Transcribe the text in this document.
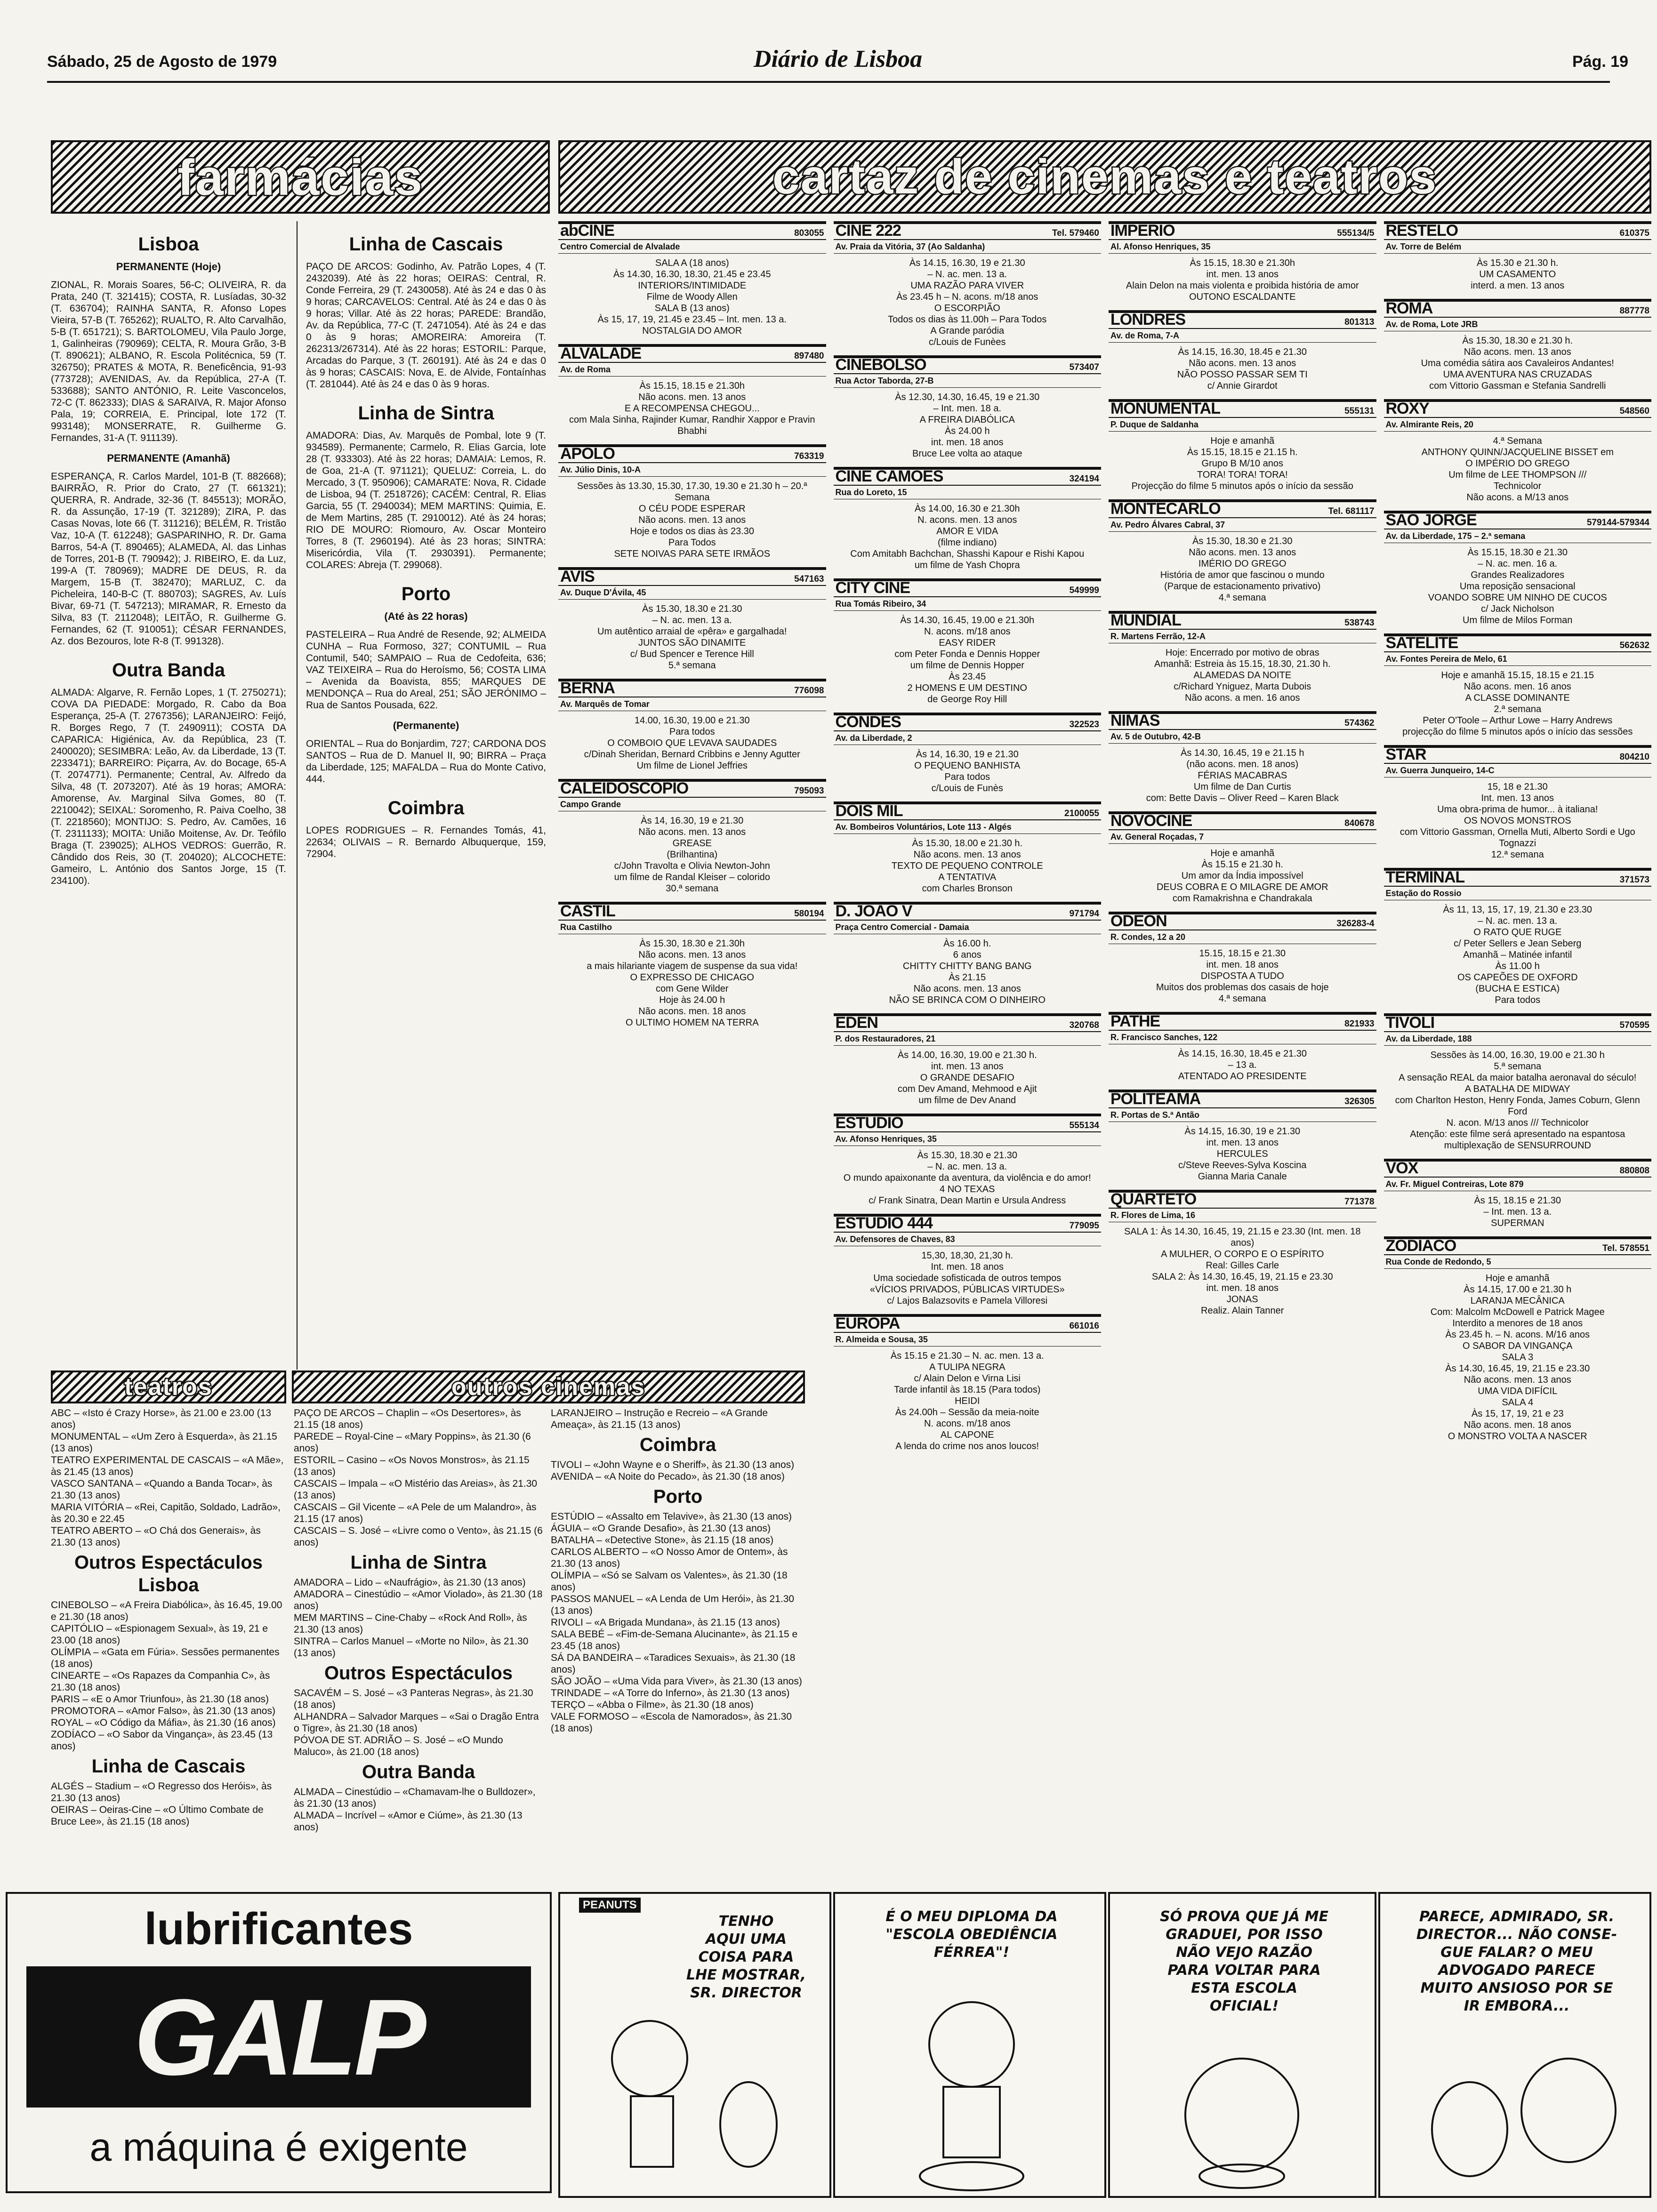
Sábado, 25 de Agosto de 1979	Diário de Lisboa	Pág. 19
farmácias	cartaz de cinemas e teatros
Lisboa
PERMANENTE (Hoje)

ZIONAL, R. Morais Soares, 56-C; OLIVEIRA, R. da Prata, 240 (T. 321415); COSTA, R. Lusíadas, 30-32 (T. 636704); RAINHA SANTA, R. Afonso Lopes Vieira, 57-B (T. 765262); RUALTO, R. Alto Carvalhão, 5-B (T. 651721); S. BARTOLOMEU, Vila Paulo Jorge, 1, Galinheiras (790969); CELTA, R. Moura Grão, 3-B (T. 890621); ALBANO, R. Escola Politécnica, 59 (T. 326750); PRATES & MOTA, R. Beneficência, 91-93 (773728); AVENIDAS, Av. da República, 27-A (T. 533688); SANTO ANTÓNIO, R. Leite Vasconcelos, 72-C (T. 862333); DIAS & SARAIVA, R. Major Afonso Pala, 19; CORREIA, E. Principal, lote 172 (T. 993148); MONSERRATE, R. Guilherme G. Fernandes, 31-A (T. 911139).

PERMANENTE (Amanhã)

ESPERANÇA, R. Carlos Mardel, 101-B (T. 882668); BAIRRÃO, R. Prior do Crato, 27 (T. 661321); QUERRA, R. Andrade, 32-36 (T. 845513); MORÃO, R. da Assunção, 17-19 (T. 321289); ZIRA, P. das Casas Novas, lote 66 (T. 311216); BELÉM, R. Tristão Vaz, 10-A (T. 612248); GASPARINHO, R. Dr. Gama Barros, 54-A (T. 890465); ALAMEDA, Al. das Linhas de Torres, 201-B (T. 790942); J. RIBEIRO, E. da Luz, 199-A (T. 780969); MADRE DE DEUS, R. da Margem, 15-B (T. 382470); MARLUZ, C. da Picheleira, 140-B-C (T. 880703); SAGRES, Av. Luís Bivar, 69-71 (T. 547213); MIRAMAR, R. Ernesto da Silva, 83 (T. 2112048); LEITÃO, R. Guilherme G. Fernandes, 62 (T. 910051); CÉSAR FERNANDES, Az. dos Bezouros, lote R-8 (T. 991328).

Outra Banda

ALMADA: Algarve, R. Fernão Lopes, 1 (T. 2750271); COVA DA PIEDADE: Morgado, R. Cabo da Boa Esperança, 25-A (T. 2767356); LARANJEIRO: Feijó, R. Borges Rego, 7 (T. 2490911); COSTA DA CAPARICA: Higiénica, Av. da República, 23 (T. 2400020); SESIMBRA: Leão, Av. da Liberdade, 13 (T. 2233471); BARREIRO: Piçarra, Av. do Bocage, 65-A (T. 2074771). Permanente; Central, Av. Alfredo da Silva, 48 (T. 2073207). Até às 19 horas; AMORA: Amorense, Av. Marginal Silva Gomes, 80 (T. 2210042); SEIXAL: Soromenho, R. Paiva Coelho, 38 (T. 2218560); MONTIJO: S. Pedro, Av. Camões, 16 (T. 2311133); MOITA: União Moitense, Av. Dr. Teófilo Braga (T. 239025); ALHOS VEDROS: Guerrão, R. Cândido dos Reis, 30 (T. 204020); ALCOCHETE: Gameiro, L. António dos Santos Jorge, 15 (T. 234100).

Linha de Cascais

PAÇO DE ARCOS: Godinho, Av. Patrão Lopes, 4 (T. 2432039). Até às 22 horas; OEIRAS: Central, R. Conde Ferreira, 29 (T. 2430058). Até às 24 e das 0 às 9 horas; CARCAVELOS: Central. Até às 24 e das 0 às 9 horas; Villar. Até às 22 horas; PAREDE: Brandão, Av. da República, 77-C (T. 2471054). Até às 24 e das 0 às 9 horas; AMOREIRA: Amoreira (T. 262313/267314). Até às 22 horas; ESTORIL: Parque, Arcadas do Parque, 3 (T. 260191). Até às 24 e das 0 às 9 horas; CASCAIS: Nova, E. de Alvide, Fontaínhas (T. 281044). Até às 24 e das 0 às 9 horas.

Linha de Sintra

AMADORA: Dias, Av. Marquês de Pombal, lote 9 (T. 934589). Permanente; Carmelo, R. Elias Garcia, lote 28 (T. 933303). Até às 22 horas; DAMAIA: Lemos, R. de Goa, 21-A (T. 971121); QUELUZ: Correia, L. do Mercado, 3 (T. 950906); CAMARATE: Nova, R. Cidade de Lisboa, 94 (T. 2518726); CACÉM: Central, R. Elias Garcia, 55 (T. 2940034); MEM MARTINS: Quimia, E. de Mem Martins, 285 (T. 2910012). Até às 24 horas; RIO DE MOURO: Riomouro, Av. Oscar Monteiro Torres, 8 (T. 2960194). Até às 23 horas; SINTRA: Misericórdia, Vila (T. 2930391). Permanente; COLARES: Abreja (T. 299068).

Porto
(Até às 22 horas)

PASTELEIRA – Rua André de Resende, 92; ALMEIDA CUNHA – Rua Formoso, 327; CONTUMIL – Rua Contumil, 540; SAMPAIO – Rua de Cedofeita, 636; VAZ TEIXEIRA – Rua do Heroísmo, 56; COSTA LIMA – Avenida da Boavista, 855; MARQUES DE MENDONÇA – Rua do Areal, 251; SÃO JERÓNIMO – Rua de Santos Pousada, 622.

(Permanente)

ORIENTAL – Rua do Bonjardim, 727; CARDONA DOS SANTOS – Rua de D. Manuel II, 90; BIRRA – Praça da Liberdade, 125; MAFALDA – Rua do Monte Cativo, 444.

Coimbra

LOPES RODRIGUES – R. Fernandes Tomás, 41, 22634; OLIVAIS – R. Bernardo Albuquerque, 159, 72904.

abCINE	803055
Centro Comercial de Alvalade
SALA A (18 anos)
Às 14.30, 16.30, 18.30, 21.45 e 23.45
INTERIORS/INTIMIDADE
Filme de Woody Allen
SALA B (13 anos)
Às 15, 17, 19, 21.45 e 23.45 – Int. men. 13 a.
NOSTALGIA DO AMOR
ALVALADE	897480
Av. de Roma
Às 15.15, 18.15 e 21.30h
Não acons. men. 13 anos
E A RECOMPENSA CHEGOU...
com Mala Sinha, Rajinder Kumar, Randhir Xappor e Pravin Bhabhi
APOLO	763319
Av. Júlio Dinis, 10-A
Sessões às 13.30, 15.30, 17.30, 19.30 e 21.30 h – 20.ª Semana
O CÉU PODE ESPERAR
Não acons. men. 13 anos
Hoje e todos os dias às 23.30
Para Todos
SETE NOIVAS PARA SETE IRMÃOS
AVIS	547163
Av. Duque D'Ávila, 45
Às 15.30, 18.30 e 21.30
– N. ac. men. 13 a.
Um autêntico arraial de «pêra» e gargalhada!
JUNTOS SÃO DINAMITE
c/ Bud Spencer e Terence Hill
5.ª semana
BERNA	776098
Av. Marquês de Tomar
14.00, 16.30, 19.00 e 21.30
Para todos
O COMBOIO QUE LEVAVA SAUDADES
c/Dinah Sheridan, Bernard Cribbins e Jenny Agutter
Um filme de Lionel Jeffries
CALEIDOSCÓPIO	795093
Campo Grande
Às 14, 16.30, 19 e 21.30
Não acons. men. 13 anos
GREASE
(Brilhantina)
c/John Travolta e Olivia Newton-John
um filme de Randal Kleiser – colorido
30.ª semana
CASTIL	580194
Rua Castilho
Às 15.30, 18.30 e 21.30h
Não acons. men. 13 anos
a mais hilariante viagem de suspense da sua vida!
O EXPRESSO DE CHICAGO
com Gene Wilder
Hoje às 24.00 h
Não acons. men. 18 anos
O ULTIMO HOMEM NA TERRA
CINE 222	Tel. 579460
Av. Praia da Vitória, 37 (Ao Saldanha)
Às 14.15, 16.30, 19 e 21.30
– N. ac. men. 13 a.
UMA RAZÃO PARA VIVER
Às 23.45 h – N. acons. m/18 anos
O ESCORPIÃO
Todos os dias às 11.00h – Para Todos
A Grande paródia
c/Louis de Funèes
CINEBOLSO	573407
Rua Actor Taborda, 27-B
Às 12.30, 14.30, 16.45, 19 e 21.30
– Int. men. 18 a.
A FREIRA DIABÓLICA
Às 24.00 h
int. men. 18 anos
Bruce Lee volta ao ataque
CINE CAMÕES	324194
Rua do Loreto, 15
Às 14.00, 16.30 e 21.30h
N. acons. men. 13 anos
AMOR E VIDA
(filme indiano)
Com Amitabh Bachchan, Shasshi Kapour e Rishi Kapou
um filme de Yash Chopra
CITY CINE	549999
Rua Tomás Ribeiro, 34
Às 14.30, 16.45, 19.00 e 21.30h
N. acons. m/18 anos
EASY RIDER
com Peter Fonda e Dennis Hopper
um filme de Dennis Hopper
Às 23.45
2 HOMENS E UM DESTINO
de George Roy Hill
CONDES	322523
Av. da Liberdade, 2
Às 14, 16.30, 19 e 21.30
O PEQUENO BANHISTA
Para todos
c/Louis de Funès
DOIS MIL	2100055
Av. Bombeiros Voluntários, Lote 113 - Algés
Às 15.30, 18.00 e 21.30 h.
Não acons. men. 13 anos
TEXTO DE PEQUENO CONTROLE
A TENTATIVA
com Charles Bronson
D. JOÃO V	971794
Praça Centro Comercial - Damaia
Às 16.00 h.
6 anos
CHITTY CHITTY BANG BANG
Às 21.15
Não acons. men. 13 anos
NÃO SE BRINCA COM O DINHEIRO
EDEN	320768
P. dos Restauradores, 21
Às 14.00, 16.30, 19.00 e 21.30 h.
int. men. 13 anos
O GRANDE DESAFIO
com Dev Amand, Mehmood e Ajit
um filme de Dev Anand
ESTÚDIO	555134
Av. Afonso Henriques, 35
Às 15.30, 18.30 e 21.30
– N. ac. men. 13 a.
O mundo apaixonante da aventura, da violência e do amor!
4 NO TEXAS
c/ Frank Sinatra, Dean Martin e Ursula Andress
ESTÚDIO 444	779095
Av. Defensores de Chaves, 83
15,30, 18,30, 21,30 h.
Int. men. 18 anos
Uma sociedade sofisticada de outros tempos
«VÍCIOS PRIVADOS, PÚBLICAS VIRTUDES»
c/ Lajos Balazsovits e Pamela Villoresi
EUROPA	661016
R. Almeida e Sousa, 35
Às 15.15 e 21.30 – N. ac. men. 13 a.
A TULIPA NEGRA
c/ Alain Delon e Virna Lisi
Tarde infantil às 18.15 (Para todos)
HEIDI
Às 24.00h – Sessão da meia-noite
N. acons. m/18 anos
AL CAPONE
A lenda do crime nos anos loucos!
IMPÉRIO	555134/5
Al. Afonso Henriques, 35
Às 15.15, 18.30 e 21.30h
int. men. 13 anos
Alain Delon na mais violenta e proibida história de amor
OUTONO ESCALDANTE
LONDRES	801313
Av. de Roma, 7-A
Às 14.15, 16.30, 18.45 e 21.30
Não acons. men. 13 anos
NÃO POSSO PASSAR SEM TI
c/ Annie Girardot
MONUMENTAL	555131
P. Duque de Saldanha
Hoje e amanhã
Às 15.15, 18.15 e 21.15 h.
Grupo B M/10 anos
TORA! TORA! TORA!
Projecção do filme 5 minutos após o início da sessão
MONTECARLO	Tel. 681117
Av. Pedro Álvares Cabral, 37
Às 15.30, 18.30 e 21.30
Não acons. men. 13 anos
IMÉRIO DO GREGO
História de amor que fascinou o mundo
(Parque de estacionamento privativo)
4.ª semana
MUNDIAL	538743
R. Martens Ferrão, 12-A
Hoje: Encerrado por motivo de obras
Amanhã: Estreia às 15.15, 18.30, 21.30 h.
ALAMEDAS DA NOITE
c/Richard Yniguez, Marta Dubois
Não acons. a men. 16 anos
NIMAS	574362
Av. 5 de Outubro, 42-B
Às 14.30, 16.45, 19 e 21.15 h
(não acons. men. 18 anos)
FÉRIAS MACABRAS
Um filme de Dan Curtis
com: Bette Davis – Oliver Reed – Karen Black
NOVOCINE	840678
Av. General Roçadas, 7
Hoje e amanhã
Às 15.15 e 21.30 h.
Um amor da Índia impossível
DEUS COBRA E O MILAGRE DE AMOR
com Ramakrishna e Chandrakala
ODEON	326283-4
R. Condes, 12 a 20
15.15, 18.15 e 21.30
int. men. 18 anos
DISPOSTA A TUDO
Muitos dos problemas dos casais de hoje
4.ª semana
PATHÉ	821933
R. Francisco Sanches, 122
Às 14.15, 16.30, 18.45 e 21.30
– 13 a.
ATENTADO AO PRESIDENTE
POLITEAMA	326305
R. Portas de S.ª Antão
Às 14.15, 16.30, 19 e 21.30
int. men. 13 anos
HERCULES
c/Steve Reeves-Sylva Koscina
Gianna Maria Canale
QUARTETO	771378
R. Flores de Lima, 16
SALA 1: Às 14.30, 16.45, 19, 21.15 e 23.30 (Int. men. 18 anos)
A MULHER, O CORPO E O ESPÍRITO
Real: Gilles Carle
SALA 2: Às 14.30, 16.45, 19, 21.15 e 23.30
int. men. 18 anos
JONAS
Realiz. Alain Tanner
RESTELO	610375
Av. Torre de Belém
Às 15.30 e 21.30 h.
UM CASAMENTO
interd. a men. 13 anos
ROMA	887778
Av. de Roma, Lote JRB
Às 15.30, 18.30 e 21.30 h.
Não acons. men. 13 anos
Uma comédia sátira aos Cavaleiros Andantes!
UMA AVENTURA NAS CRUZADAS
com Vittorio Gassman e Stefania Sandrelli
ROXY	548560
Av. Almirante Reis, 20
4.ª Semana
ANTHONY QUINN/JACQUELINE BISSET em
O IMPÉRIO DO GREGO
Um filme de LEE THOMPSON ///
Technicolor
Não acons. a M/13 anos
SÃO JORGE	579144-579344
Av. da Liberdade, 175 – 2.ª semana
Às 15.15, 18.30 e 21.30
– N. ac. men. 16 a.
Grandes Realizadores
Uma reposição sensacional
VOANDO SOBRE UM NINHO DE CUCOS
c/ Jack Nicholson
Um filme de Milos Forman
SATÉLITE	562632
Av. Fontes Pereira de Melo, 61
Hoje e amanhã 15.15, 18.15 e 21.15
Não acons. men. 16 anos
A CLASSE DOMINANTE
2.ª semana
Peter O'Toole – Arthur Lowe – Harry Andrews
projecção do filme 5 minutos após o início das sessões
STAR	804210
Av. Guerra Junqueiro, 14-C
15, 18 e 21.30
Int. men. 13 anos
Uma obra-prima de humor... à italiana!
OS NOVOS MONSTROS
com Vittorio Gassman, Ornella Muti, Alberto Sordi e Ugo Tognazzi
12.ª semana
TERMINAL	371573
Estação do Rossio
Às 11, 13, 15, 17, 19, 21.30 e 23.30
– N. ac. men. 13 a.
O RATO QUE RUGE
c/ Peter Sellers e Jean Seberg
Amanhã – Matinée infantil
Às 11.00 h
OS CAPEÕES DE OXFORD
(BUCHA E ESTICA)
Para todos
TIVOLI	570595
Av. da Liberdade, 188
Sessões às 14.00, 16.30, 19.00 e 21.30 h
5.ª semana
A sensação REAL da maior batalha aeronaval do século!
A BATALHA DE MIDWAY
com Charlton Heston, Henry Fonda, James Coburn, Glenn Ford
N. acon. M/13 anos /// Technicolor
Atenção: este filme será apresentado na espantosa multiplexação de SENSURROUND
VOX	880808
Av. Fr. Miguel Contreiras, Lote 879
Às 15, 18.15 e 21.30
– Int. men. 13 a.
SUPERMAN
ZODÍACO	Tel. 578551
Rua Conde de Redondo, 5
Hoje e amanhã
Às 14.15, 17.00 e 21.30 h
LARANJA MECÂNICA
Com: Malcolm McDowell e Patrick Magee
Interdito a menores de 18 anos
Às 23.45 h. – N. acons. M/16 anos
O SABOR DA VINGANÇA
SALA 3
Às 14.30, 16.45, 19, 21.15 e 23.30
Não acons. men. 13 anos
UMA VIDA DIFÍCIL
SALA 4
Às 15, 17, 19, 21 e 23
Não acons. men. 18 anos
O MONSTRO VOLTA A NASCER
teatros	outros cinemas
ABC – «Isto é Crazy Horse», às 21.00 e 23.00 (13 anos)
MONUMENTAL – «Um Zero à Esquerda», às 21.15 (13 anos)
TEATRO EXPERIMENTAL DE CASCAIS – «A Mãe», às 21.45 (13 anos)
VASCO SANTANA – «Quando a Banda Tocar», às 21.30 (13 anos)
MARIA VITÓRIA – «Rei, Capitão, Soldado, Ladrão», às 20.30 e 22.45
TEATRO ABERTO – «O Chá dos Generais», às 21.30 (13 anos)
Outros Espectáculos
Lisboa
CINEBOLSO – «A Freira Diabólica», às 16.45, 19.00 e 21.30 (18 anos)
CAPITÓLIO – «Espionagem Sexual», às 19, 21 e 23.00 (18 anos)
OLÍMPIA – «Gata em Fúria». Sessões permanentes (18 anos)
CINEARTE – «Os Rapazes da Companhia C», às 21.30 (18 anos)
PARIS – «E o Amor Triunfou», às 21.30 (18 anos)
PROMOTORA – «Amor Falso», às 21.30 (13 anos)
ROYAL – «O Código da Máfia», às 21.30 (16 anos)
ZODÍACO – «O Sabor da Vingança», às 23.45 (13 anos)
Linha de Cascais
ALGÉS – Stadium – «O Regresso dos Heróis», às 21.30 (13 anos)
OEIRAS – Oeiras-Cine – «O Último Combate de Bruce Lee», às 21.15 (18 anos)
PAÇO DE ARCOS – Chaplin – «Os Desertores», às 21.15 (18 anos)
PAREDE – Royal-Cine – «Mary Poppins», às 21.30 (6 anos)
ESTORIL – Casino – «Os Novos Monstros», às 21.15 (13 anos)
CASCAIS – Impala – «O Mistério das Areias», às 21.30 (13 anos)
CASCAIS – Gil Vicente – «A Pele de um Malandro», às 21.15 (17 anos)
CASCAIS – S. José – «Livre como o Vento», às 21.15 (6 anos)
Linha de Sintra
AMADORA – Lido – «Naufrágio», às 21.30 (13 anos)
AMADORA – Cinestúdio – «Amor Violado», às 21.30 (18 anos)
MEM MARTINS – Cine-Chaby – «Rock And Roll», às 21.30 (13 anos)
SINTRA – Carlos Manuel – «Morte no Nilo», às 21.30 (13 anos)
Outros Espectáculos
SACAVÉM – S. José – «3 Panteras Negras», às 21.30 (18 anos)
ALHANDRA – Salvador Marques – «Sai o Dragão Entra o Tigre», às 21.30 (18 anos)
PÓVOA DE ST. ADRIÃO – S. José – «O Mundo Maluco», às 21.00 (18 anos)
Outra Banda
ALMADA – Cinestúdio – «Chamavam-lhe o Bulldozer», às 21.30 (13 anos)
ALMADA – Incrível – «Amor e Ciúme», às 21.30 (13 anos)
LARANJEIRO – Instrução e Recreio – «A Grande Ameaça», às 21.15 (13 anos)
Coimbra
TIVOLI – «John Wayne e o Sheriff», às 21.30 (13 anos)
AVENIDA – «A Noite do Pecado», às 21.30 (18 anos)
Porto
ESTÚDIO – «Assalto em Telavive», às 21.30 (13 anos)
ÁGUIA – «O Grande Desafio», às 21.30 (13 anos)
BATALHA – «Detective Stone», às 21.15 (18 anos)
CARLOS ALBERTO – «O Nosso Amor de Ontem», às 21.30 (13 anos)
OLÍMPIA – «Só se Salvam os Valentes», às 21.30 (18 anos)
PASSOS MANUEL – «A Lenda de Um Herói», às 21.30 (13 anos)
RIVOLI – «A Brigada Mundana», às 21.15 (13 anos)
SALA BEBÉ – «Fim-de-Semana Alucinante», às 21.15 e 23.45 (18 anos)
SÁ DA BANDEIRA – «Taradices Sexuais», às 21.30 (18 anos)
SÃO JOÃO – «Uma Vida para Viver», às 21.30 (13 anos)
TRINDADE – «A Torre do Inferno», às 21.30 (13 anos)
TERÇO – «Abba o Filme», às 21.30 (18 anos)
VALE FORMOSO – «Escola de Namorados», às 21.30 (18 anos)
lubrificantes
GALP
a máquina é exigente
PEANUTS
TENHO
AQUI UMA
COISA PARA
LHE MOSTRAR,
SR. DIRECTOR
É O MEU DIPLOMA DA
"ESCOLA OBEDIÊNCIA
FÉRREA"!
SÓ PROVA QUE JÁ ME
GRADUEI, POR ISSO
NÃO VEJO RAZÃO
PARA VOLTAR PARA
ESTA ESCOLA
OFICIAL!
PARECE, ADMIRADO, SR.
DIRECTOR... NÃO CONSE-
GUE FALAR? O MEU
ADVOGADO PARECE
MUITO ANSIOSO POR SE
IR EMBORA...
